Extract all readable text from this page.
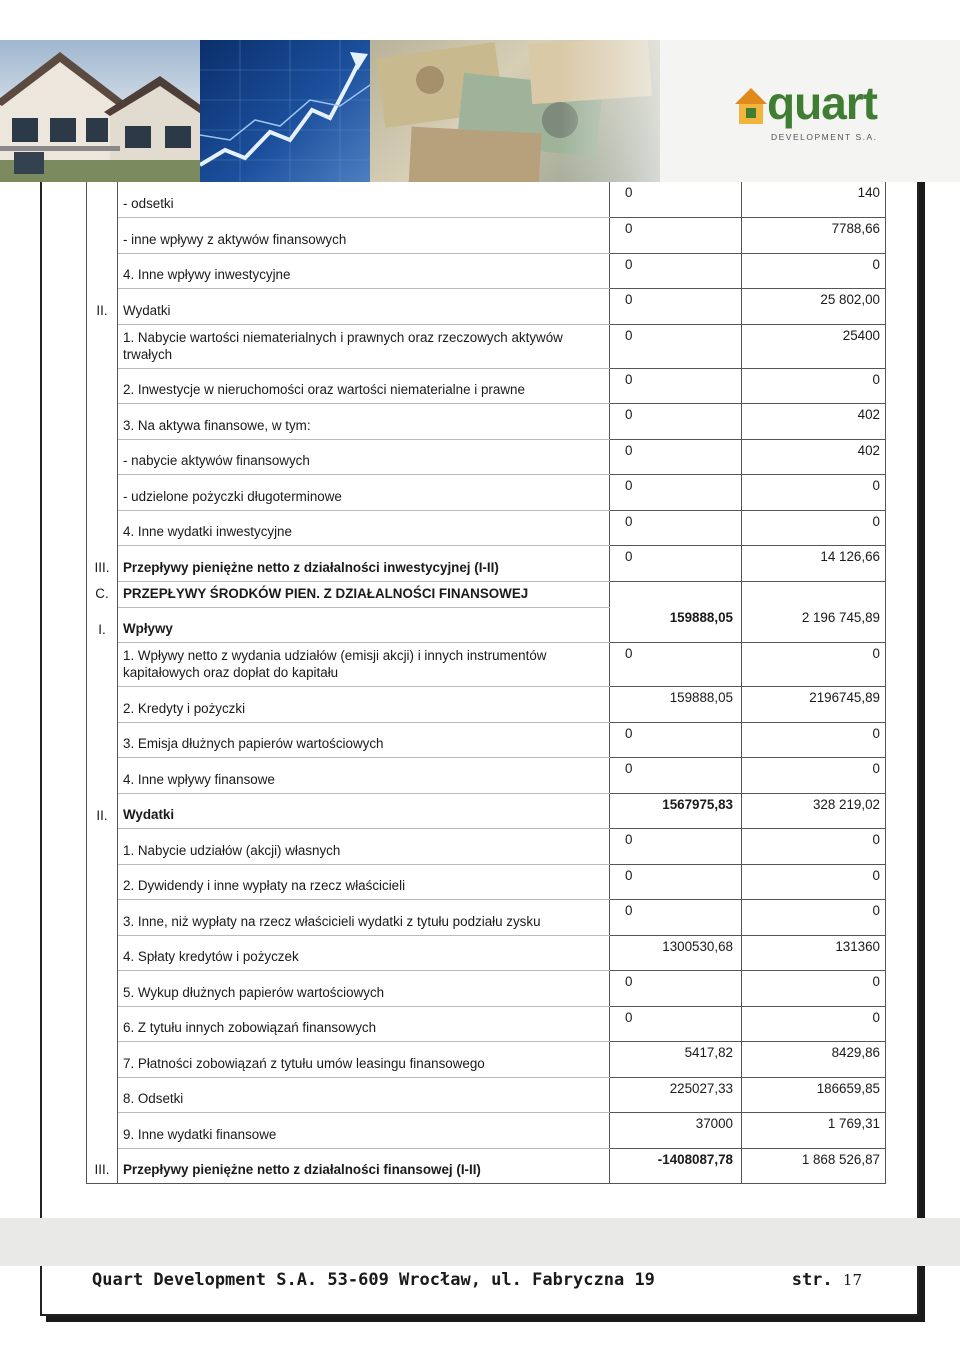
quart
DEVELOPMENT S.A.
	- odsetki	0	140
	- inne wpływy z aktywów finansowych	0	7788,66
	4. Inne wpływy inwestycyjne	0	0
II.	Wydatki	0	25 802,00
	1. Nabycie wartości niematerialnych i prawnych oraz rzeczowych aktywów trwałych	0	25400
	2. Inwestycje w nieruchomości oraz wartości niematerialne i prawne	0	0
	3. Na aktywa finansowe, w tym:	0	402
	- nabycie aktywów finansowych	0	402
	- udzielone pożyczki długoterminowe	0	0
	4. Inne wydatki inwestycyjne	0	0
III.	Przepływy pieniężne netto z działalności inwestycyjnej (I-II)	0	14 126,66
C.	PRZEPŁYWY ŚRODKÓW PIEN. Z DZIAŁALNOŚCI FINANSOWEJ	

I.	Wpływy	159888,05	2 196 745,89
	1. Wpływy netto z wydania udziałów (emisji akcji) i innych instrumentów kapitałowych oraz dopłat do kapitału	0	0
	2. Kredyty i pożyczki	159888,05	2196745,89
	3. Emisja dłużnych papierów wartościowych	0	0
	4. Inne wpływy finansowe	0	0
II.	Wydatki	1567975,83	328 219,02
	1. Nabycie udziałów (akcji) własnych	0	0
	2. Dywidendy i inne wypłaty na rzecz właścicieli	0	0
	3. Inne, niż wypłaty na rzecz właścicieli wydatki z tytułu podziału zysku	0	0
	4. Spłaty kredytów i pożyczek	1300530,68	131360
	5. Wykup dłużnych papierów wartościowych	0	0
	6. Z tytułu innych zobowiązań finansowych	0	0
	7. Płatności zobowiązań z tytułu umów leasingu finansowego	5417,82	8429,86
	8. Odsetki	225027,33	186659,85
	9. Inne wydatki finansowe	37000	1 769,31
III.	Przepływy pieniężne netto z działalności finansowej (I-II)	-1408087,78	1 868 526,87
Quart Development S.A. 53-609 Wrocław, ul. Fabryczna 19	str. 17
